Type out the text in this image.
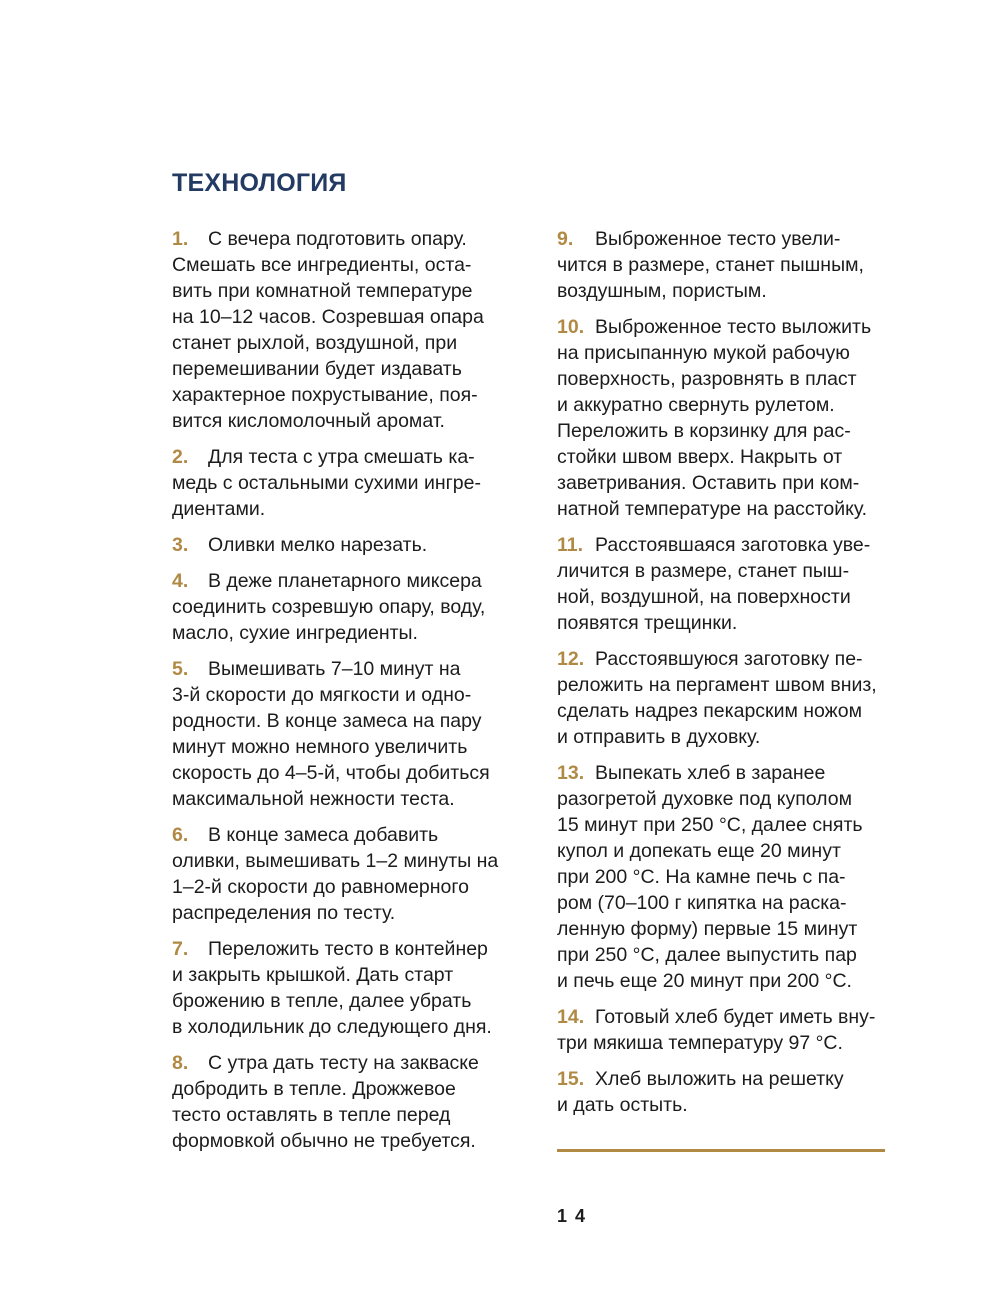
ТЕХНОЛОГИЯ
1. С вечера подготовить опару.
Смешать все ингредиенты, оста-
вить при комнатной температуре
на 10–12 часов. Созревшая опара
станет рыхлой, воздушной, при
перемешивании будет издавать
характерное похрустывание, поя-
вится кисломолочный аромат.
2. Для теста с утра смешать ка-
медь с остальными сухими ингре-
диентами.
3. Оливки мелко нарезать.
4. В деже планетарного миксера
соединить созревшую опару, воду,
масло, сухие ингредиенты.
5. Вымешивать 7–10 минут на
3-й скорости до мягкости и одно-
родности. В конце замеса на пару
минут можно немного увеличить
скорость до 4–5-й, чтобы добиться
максимальной нежности теста.
6. В конце замеса добавить
оливки, вымешивать 1–2 минуты на
1–2-й скорости до равномерного
распределения по тесту.
7. Переложить тесто в контейнер
и закрыть крышкой. Дать старт
брожению в тепле, далее убрать
в холодильник до следующего дня.
8. С утра дать тесту на закваске
добродить в тепле. Дрожжевое
тесто оставлять в тепле перед
формовкой обычно не требуется.
9. Выброженное тесто увели-
чится в размере, станет пышным,
воздушным, пористым.
10. Выброженное тесто выложить
на присыпанную мукой рабочую
поверхность, разровнять в пласт
и аккуратно свернуть рулетом.
Переложить в корзинку для рас-
стойки швом вверх. Накрыть от
заветривания. Оставить при ком-
натной температуре на расстойку.
11. Расстоявшаяся заготовка уве-
личится в размере, станет пыш-
ной, воздушной, на поверхности
появятся трещинки.
12. Расстоявшуюся заготовку пе-
реложить на пергамент швом вниз,
сделать надрез пекарским ножом
и отправить в духовку.
13. Выпекать хлеб в заранее
разогретой духовке под куполом
15 минут при 250 °С, далее снять
купол и допекать еще 20 минут
при 200 °С. На камне печь с па-
ром (70–100 г кипятка на раска-
ленную форму) первые 15 минут
при 250 °С, далее выпустить пар
и печь еще 20 минут при 200 °С.
14. Готовый хлеб будет иметь вну-
три мякиша температуру 97 °С.
15. Хлеб выложить на решетку
и дать остыть.
14
